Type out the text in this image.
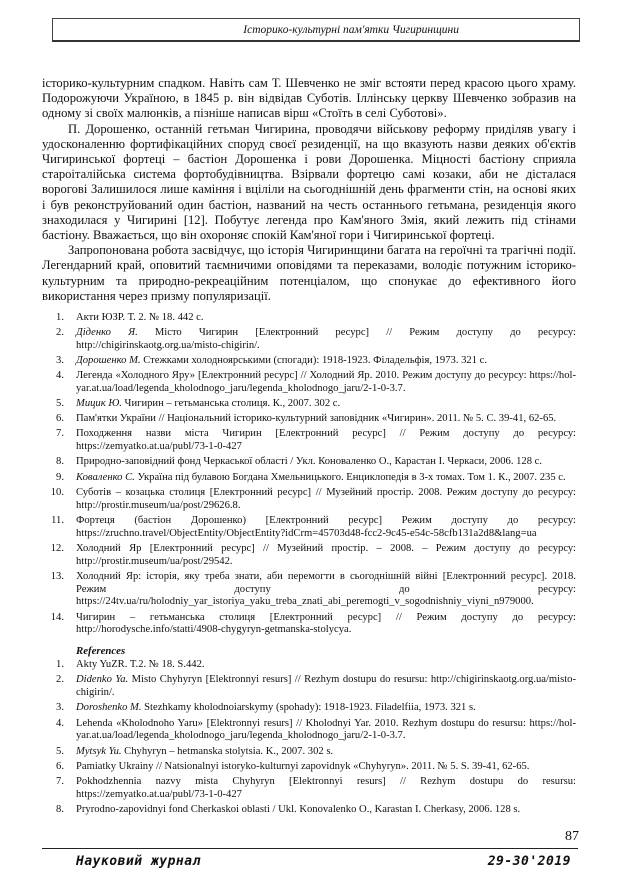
Історико-культурні пам'ятки Чигиринщини

історико-культурним спадком. Навіть сам Т. Шевченко не зміг встояти перед красою цього храму. Подорожуючи Україною, в 1845 р. він відвідав Суботів. Іллінську церкву Шевченко зобразив на одному зі своїх малюнків, а пізніше написав вірш «Стоїть в селі Суботові».

П. Дорошенко, останній гетьман Чигирина, проводячи військову реформу приділяв увагу і удосконаленню фортифікаційних споруд своєї резиденції, на що вказують назви деяких об'єктів Чигиринської фортеці – бастіон Дорошенка і рови Дорошенка. Міцності бастіону сприяла староіталійська система фортобудівництва. Взірвали фортецю самі козаки, аби не дісталася ворогові Залишилося лише каміння і вціліли на сьогоднішній день фрагменти стін, на основі яких і був реконструйований один бастіон, названий на честь останнього гетьмана, резиденція якого знаходилася у Чигирині [12]. Побутує легенда про Кам'яного Змія, який лежить під стінами бастіону. Вважається, що він охороняє спокій Кам'яної гори і Чигиринської фортеці.

Запропонована робота засвідчує, що історія Чигиринщини багата на героїчні та трагічні події. Легендарний край, оповитий таємничими оповідями та переказами, володіє потужним історико-культурним та природно-рекреаційним потенціалом, що спонукає до ефективного його використання через призму популяризації.

1. Акти ЮЗР. Т. 2. № 18. 442 с.
2. Діденко Я. Місто Чигирин [Електронний ресурс] // Режим доступу до ресурсу: http://chigirinskaotg.org.ua/misto-chigirin/.
3. Дорошенко М. Стежками холодноярськими (спогади): 1918-1923. Філадельфія, 1973. 321 с.
4. Легенда «Холодного Яру» [Електронний ресурс] // Холодний Яр. 2010. Режим доступу до ресурсу: https://hol-yar.at.ua/load/legenda_kholodnogo_jaru/legenda_kholodnogo_jaru/2-1-0-3.7.
5. Мицик Ю. Чигирин – гетьманська столиця. К., 2007. 302 с.
6. Пам'ятки України // Національний історико-культурний заповідник «Чигирин». 2011. № 5. С. 39-41, 62-65.
7. Походження назви міста Чигирин [Електронний ресурс] // Режим доступу до ресурсу: https://zemyatko.at.ua/publ/73-1-0-427
8. Природно-заповідний фонд Черкаської області / Укл. Коноваленко О., Карастан І. Черкаси, 2006. 128 с.
9. Коваленко С. Україна під булавою Богдана Хмельницького. Енциклопедія в 3-х томах. Том 1. К., 2007. 235 с.
10. Суботів – козацька столиця [Електронний ресурс] // Музейний простір. 2008. Режим доступу до ресурсу: http://prostir.museum/ua/post/29626.8.
11. Фортеця (бастіон Дорошенко) [Електронний ресурс] Режим доступу до ресурсу: https://zruchno.travel/ObjectEntity/ObjectEntity?idCrm=45703d48-fcc2-9c45-e54c-58cfb131a2d8&lang=ua
12. Холодний Яр [Електронний ресурс] // Музейний простір. – 2008. – Режим доступу до ресурсу: http://prostir.museum/ua/post/29542.
13. Холодний Яр: історія, яку треба знати, аби перемогти в сьогоднішній війні [Електронний ресурс]. 2018. Режим доступу до ресурсу: https://24tv.ua/ru/holodniy_yar_istoriya_yaku_treba_znati_abi_peremogti_v_sogodnishniy_viyni_n979000.
14. Чигирин – гетьманська столиця [Електронний ресурс] // Режим доступу до ресурсу: http://horodysche.info/statti/4908-chygyryn-getmanska-stolycya.
References
1. Akty YuZR. T.2. № 18. S.442.
2. Didenko Ya. Misto Chyhyryn [Elektronnyi resurs] // Rezhym dostupu do resursu: http://chigirinskaotg.org.ua/misto-chigirin/.
3. Doroshenko M. Stezhkamy kholodnoiarskymy (spohady): 1918-1923. Filadelfiia, 1973. 321 s.
4. Lehenda «Kholodnoho Yaru» [Elektronnyi resurs] // Kholodnyi Yar. 2010. Rezhym dostupu do resursu: https://hol-yar.at.ua/load/legenda_kholodnogo_jaru/legenda_kholodnogo_jaru/2-1-0-3.7.
5. Mytsyk Yu. Chyhyryn – hetmanska stolytsia. K., 2007. 302 s.
6. Pamiatky Ukrainy // Natsionalnyi istoryko-kulturnyi zapovidnyk «Chyhyryn». 2011. № 5. S. 39-41, 62-65.
7. Pokhodzhennia nazvy mista Chyhyryn [Elektronnyi resurs] // Rezhym dostupu do resursu: https://zemyatko.at.ua/publ/73-1-0-427
8. Pryrodno-zapovidnyi fond Cherkaskoi oblasti / Ukl. Konovalenko O., Karastan I. Cherkasy, 2006. 128 s.
87
Науковий журнал	29-30'2019
